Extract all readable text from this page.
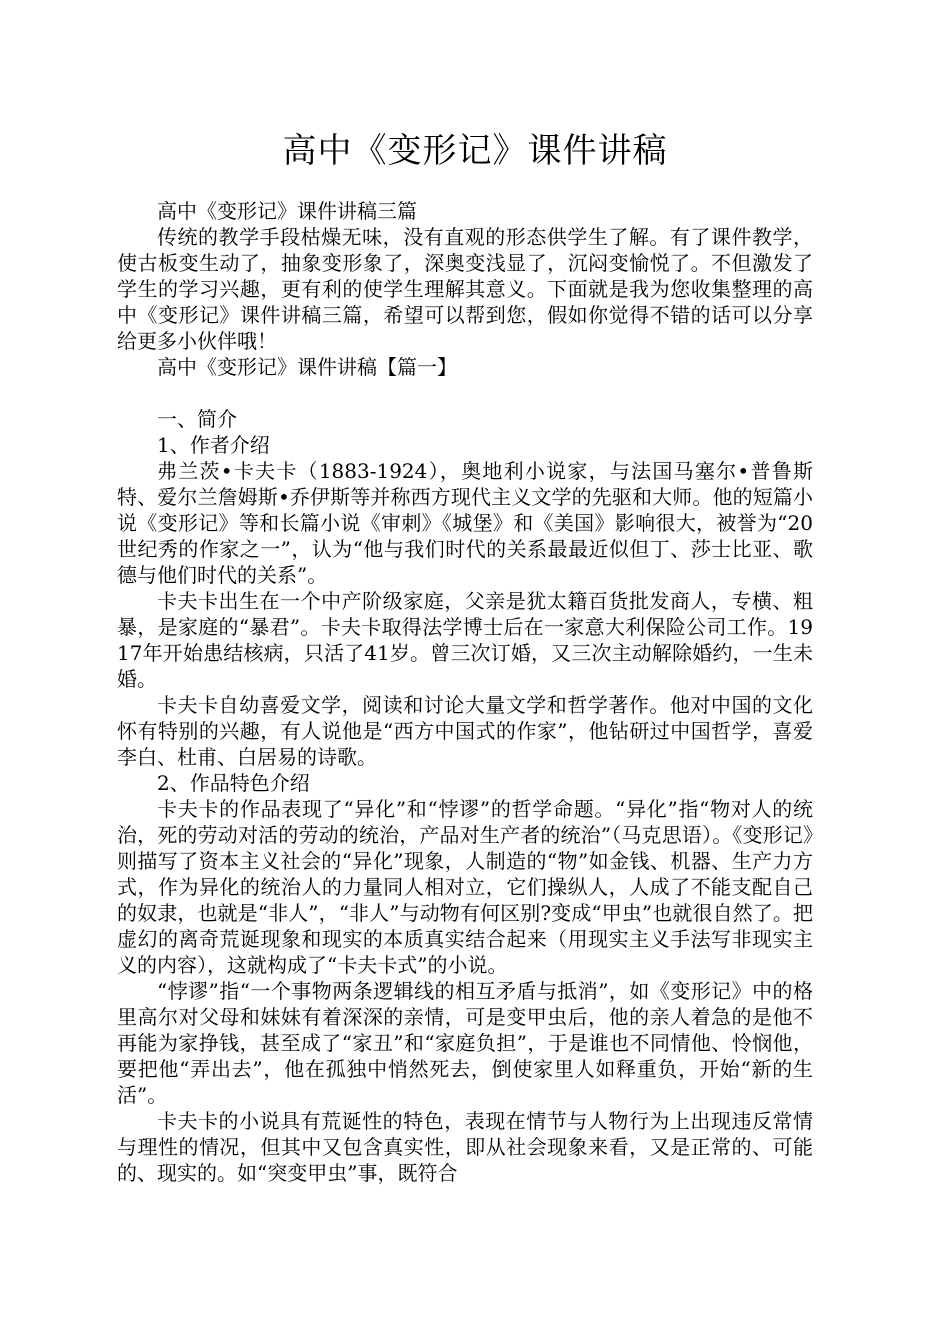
高中《变形记》课件讲稿

高中《变形记》课件讲稿三篇

传统的教学手段枯燥无味，没有直观的形态供学生了解。有了课件教学，使古板变生动了，抽象变形象了，深奥变浅显了，沉闷变愉悦了。不但激发了学生的学习兴趣，更有利的使学生理解其意义。下面就是我为您收集整理的高中《变形记》课件讲稿三篇，希望可以帮到您，假如你觉得不错的话可以分享给更多小伙伴哦！

高中《变形记》课件讲稿【篇一】

一、简介

1、作者介绍

弗兰茨•卡夫卡（1883-1924），奥地利小说家，与法国马塞尔•普鲁斯特、爱尔兰詹姆斯•乔伊斯等并称西方现代主义文学的先驱和大师。他的短篇小说《变形记》等和长篇小说《审刺》《城堡》和《美国》影响很大，被誉为“20世纪秀的作家之一”，认为“他与我们时代的关系最最近似但丁、莎士比亚、歌德与他们时代的关系”。

卡夫卡出生在一个中产阶级家庭，父亲是犹太籍百货批发商人，专横、粗暴，是家庭的“暴君”。卡夫卡取得法学博士后在一家意大利保险公司工作。1917年开始患结核病，只活了41岁。曾三次订婚，又三次主动解除婚约，一生未婚。

卡夫卡自幼喜爱文学，阅读和讨论大量文学和哲学著作。他对中国的文化怀有特别的兴趣，有人说他是“西方中国式的作家”，他钻研过中国哲学，喜爱李白、杜甫、白居易的诗歌。

2、作品特色介绍

卡夫卡的作品表现了“异化”和“悖谬”的哲学命题。“异化”指“物对人的统治，死的劳动对活的劳动的统治，产品对生产者的统治”（马克思语）。《变形记》则描写了资本主义社会的“异化”现象，人制造的“物”如金钱、机器、生产力方式，作为异化的统治人的力量同人相对立，它们操纵人，人成了不能支配自己的奴隶，也就是“非人”，“非人”与动物有何区别?变成“甲虫”也就很自然了。把虚幻的离奇荒诞现象和现实的本质真实结合起来（用现实主义手法写非现实主义的内容），这就构成了“卡夫卡式”的小说。

“悖谬”指“一个事物两条逻辑线的相互矛盾与抵消”，如《变形记》中的格里高尔对父母和妹妹有着深深的亲情，可是变甲虫后，他的亲人着急的是他不再能为家挣钱，甚至成了“家丑”和“家庭负担”，于是谁也不同情他、怜悯他，要把他“弄出去”，他在孤独中悄然死去，倒使家里人如释重负，开始“新的生活”。

卡夫卡的小说具有荒诞性的特色，表现在情节与人物行为上出现违反常情与理性的情况，但其中又包含真实性，即从社会现象来看，又是正常的、可能的、现实的。如“突变甲虫”事，既符合
